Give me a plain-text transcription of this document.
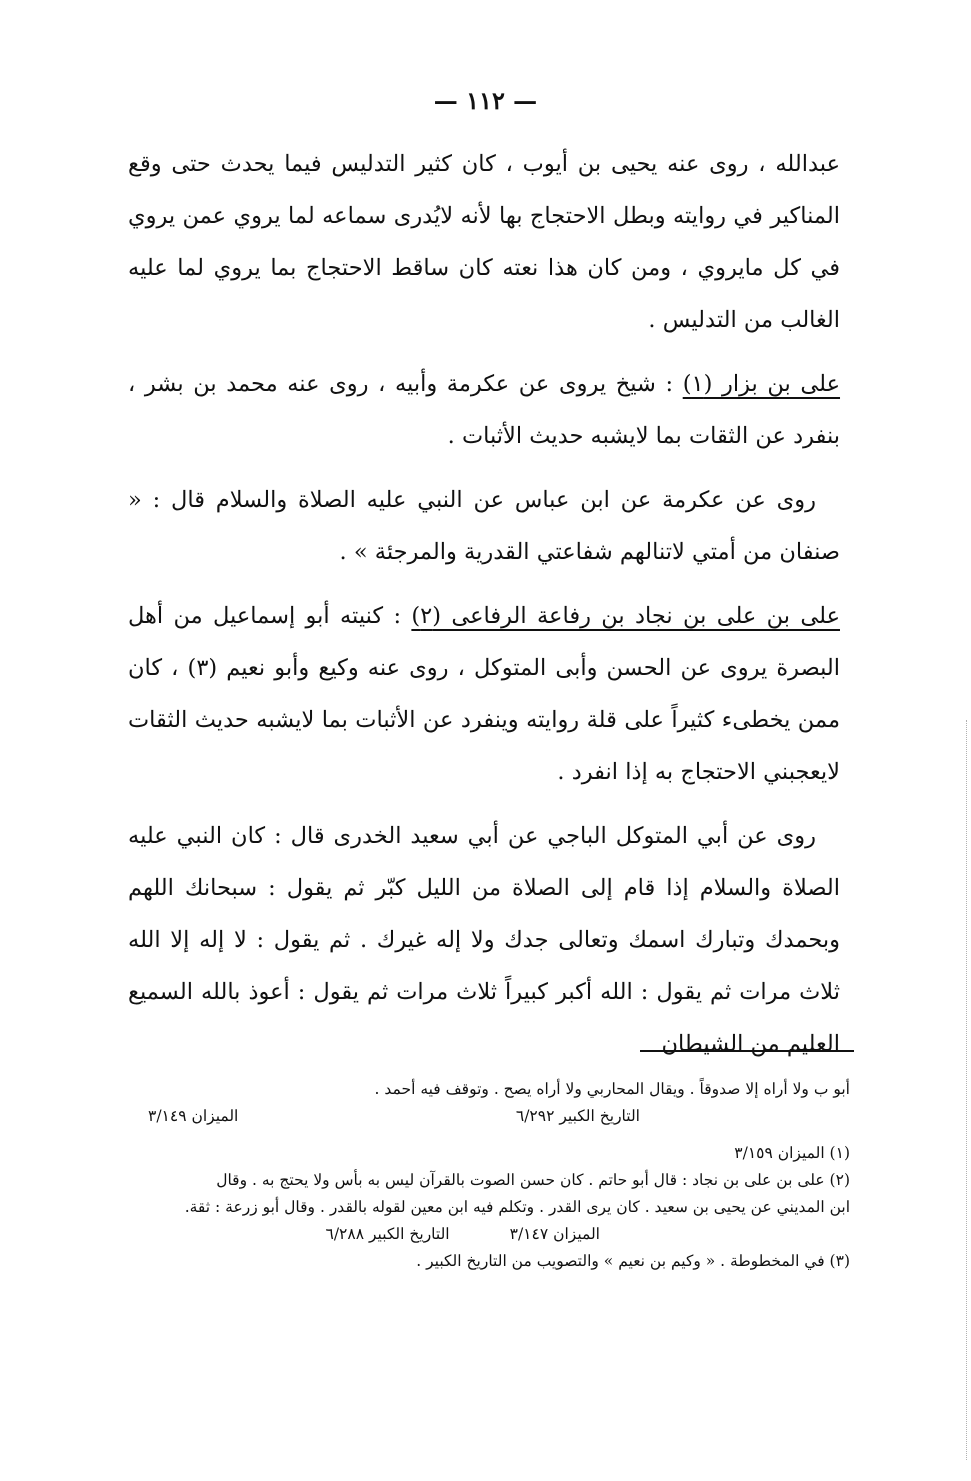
— ١١٢ —

عبدالله ، روى عنه يحيى بن أيوب ، كان كثير التدليس فيما يحدث حتى وقع المناكير في روايته وبطل الاحتجاج بها لأنه لايُدرى سماعه لما يروي عمن يروي في كل مايروي ، ومن كان هذا نعته كان ساقط الاحتجاج بما يروي لما عليه الغالب من التدليس .

على بن بزار (١) : شيخ يروى عن عكرمة وأبيه ، روى عنه محمد بن بشر ، بنفرد عن الثقات بما لايشبه حديث الأثبات .

روى عن عكرمة عن ابن عباس عن النبي عليه الصلاة والسلام قال : « صنفان من أمتي لاتنالهم شفاعتي القدرية والمرجئة » .

على بن على بن نجاد بن رفاعة الرفاعى (٢) : كنيته أبو إسماعيل من أهل البصرة يروى عن الحسن وأبى المتوكل ، روى عنه وكيع وأبو نعيم (٣) ، كان ممن يخطىء كثيراً على قلة روايته وينفرد عن الأثبات بما لايشبه حديث الثقات لايعجبني الاحتجاج به إذا انفرد .

روى عن أبي المتوكل الباجي عن أبي سعيد الخدرى قال : كان النبي عليه الصلاة والسلام إذا قام إلى الصلاة من الليل كبّر ثم يقول : سبحانك اللهم وبحمدك وتبارك اسمك وتعالى جدك ولا إله غيرك . ثم يقول : لا إله إلا الله ثلاث مرات ثم يقول : الله أكبر كبيراً ثلاث مرات ثم يقول : أعوذ بالله السميع العليم من الشيطان

أبو ب ولا أراه إلا صدوقاً . ويقال المحاربي ولا أراه يصح . وتوقف فيه أحمد .
التاريخ الكبير ٦/٢٩٢
الميزان ٣/١٤٩
(١) الميزان ٣/١٥٩
(٢) على بن على بن نجاد : قال أبو حاتم . كان حسن الصوت بالقرآن ليس به بأس ولا يحتج به . وقال
ابن المديني عن يحيى بن سعيد . كان يرى القدر . وتكلم فيه ابن معين لقوله بالقدر . وقال أبو زرعة : ثقة.
الميزان ٣/١٤٧
التاريخ الكبير ٦/٢٨٨
(٣) في المخطوطة . « وكيم بن نعيم » والتصويب من التاريخ الكبير .
